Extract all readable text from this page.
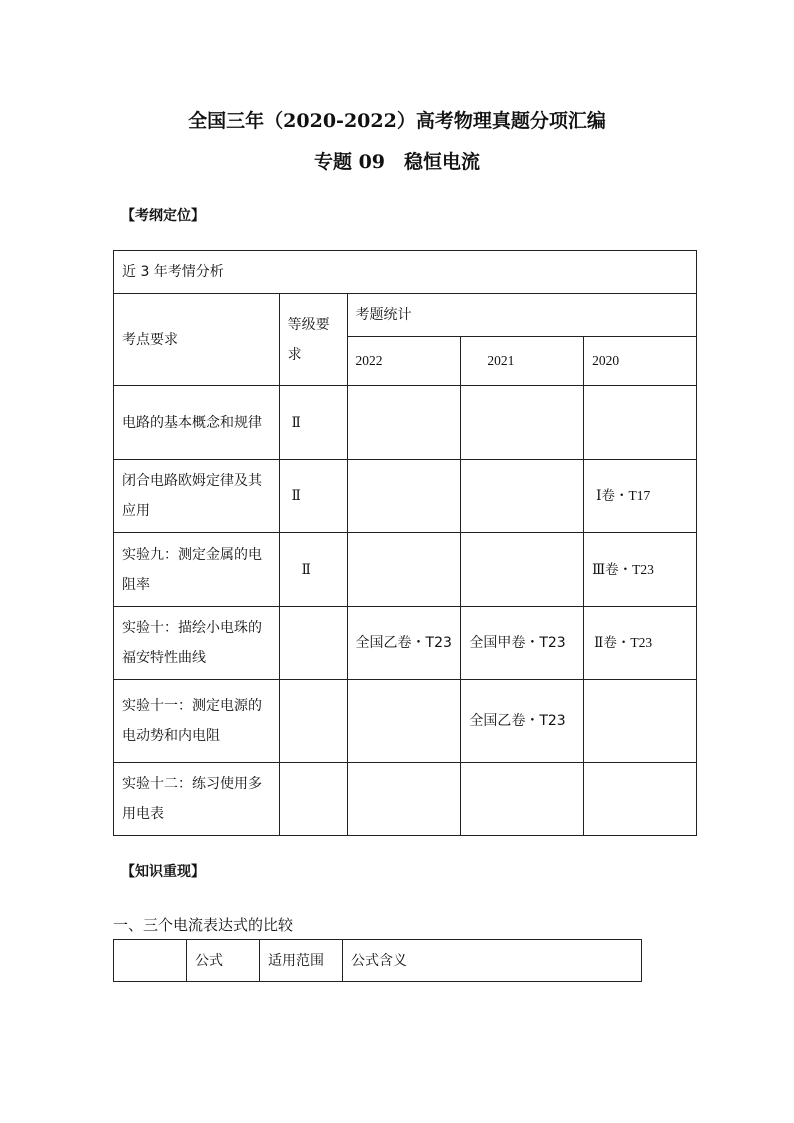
全国三年（2020-2022）高考物理真题分项汇编
专题 09　稳恒电流
【考纲定位】
近 3 年考情分析				
考点要求	等级要求	考题统计		
		2022	2021	2020
电路的基本概念和规律	Ⅱ			
闭合电路欧姆定律及其应用	Ⅱ			Ⅰ卷・T17
实验九：测定金属的电阻率	Ⅱ			Ⅲ卷・T23
实验十：描绘小电珠的福安特性曲线		全国乙卷・T23	全国甲卷・T23	Ⅱ卷・T23
实验十一：测定电源的电动势和内电阻			全国乙卷・T23	
实验十二：练习使用多用电表				
【知识重现】
一、三个电流表达式的比较
	公式	适用范围	公式含义
